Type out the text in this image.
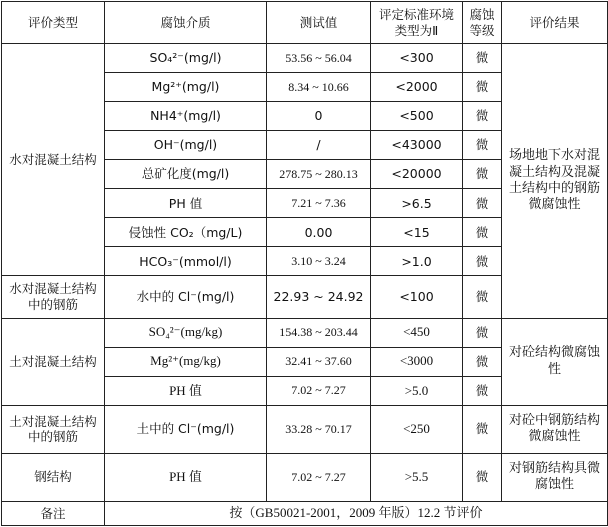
评价类型	腐蚀介质	测试值	评定标准环境类型为Ⅱ	腐蚀等级	评价结果
水对混凝土结构	SO₄²⁻(mg/l)	53.56 ~ 56.04	<300	微	场地地下水对混凝土结构及混凝土结构中的钢筋微腐蚀性
	Mg²⁺(mg/l)	8.34 ~ 10.66	<2000	微	
	NH4⁺(mg/l)	0	<500	微	
	OH⁻(mg/l)	/	<43000	微	
	总矿化度(mg/l)	278.75 ~ 280.13	<20000	微	
	PH 值	7.21 ~ 7.36	>6.5	微	
	侵蚀性 CO₂（mg/L)	0.00	<15	微	
	HCO₃⁻(mmol/l)	3.10 ~ 3.24	>1.0	微	
水对混凝土结构中的钢筋	水中的 Cl⁻(mg/l)	22.93 ~ 24.92	<100	微	
土对混凝土结构	SO₄²⁻(mg/kg)	154.38 ~ 203.44	<450	微	对砼结构微腐蚀性
	Mg²⁺(mg/kg)	32.41 ~ 37.60	<3000	微	
	PH 值	7.02 ~ 7.27	>5.0	微	
土对混凝土结构中的钢筋	土中的 Cl⁻(mg/l)	33.28 ~ 70.17	<250	微	对砼中钢筋结构微腐蚀性
钢结构	PH 值	7.02 ~ 7.27	>5.5	微	对钢筋结构具微腐蚀性
备注	按（GB50021-2001，2009 年版）12.2 节评价				
